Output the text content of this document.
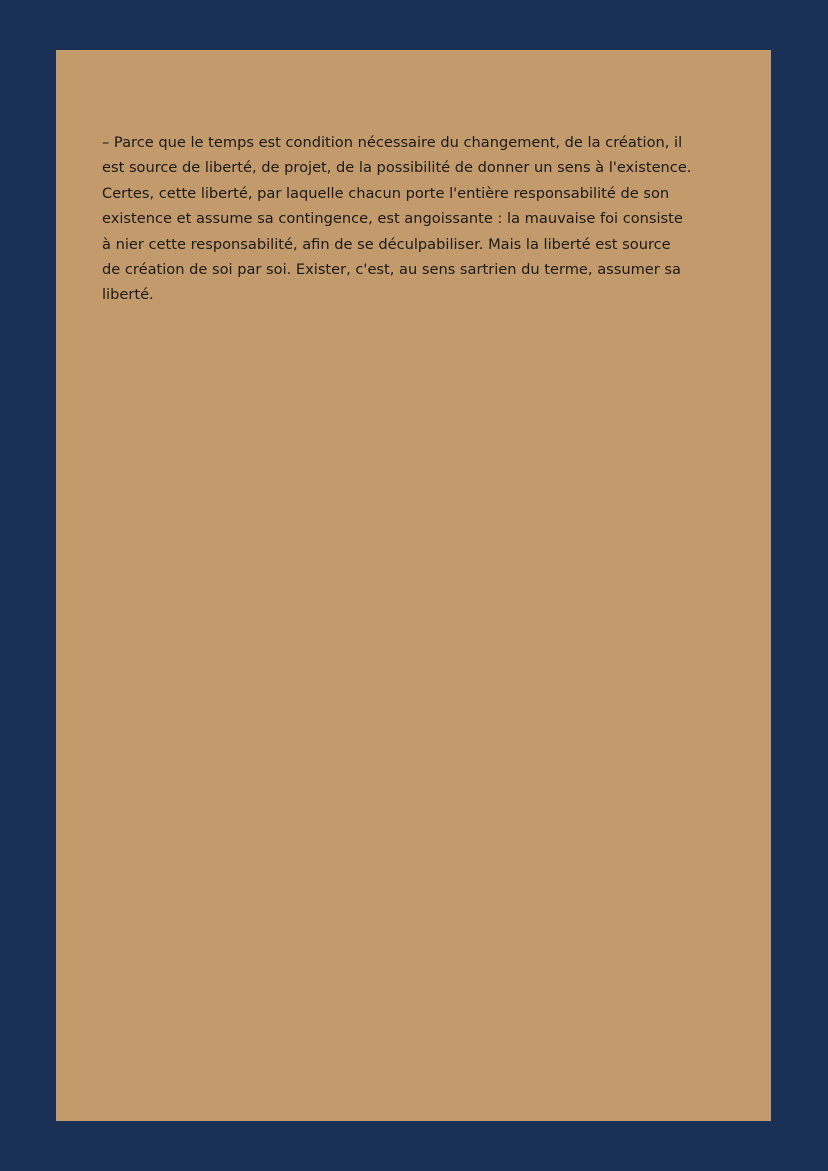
– Parce que le temps est condition nécessaire du changement, de la création, il
est source de liberté, de projet, de la possibilité de donner un sens à l'existence.
Certes, cette liberté, par laquelle chacun porte l'entière responsabilité de son
existence et assume sa contingence, est angoissante : la mauvaise foi consiste
à nier cette responsabilité, afin de se déculpabiliser. Mais la liberté est source
de création de soi par soi. Exister, c'est, au sens sartrien du terme, assumer sa
liberté.
